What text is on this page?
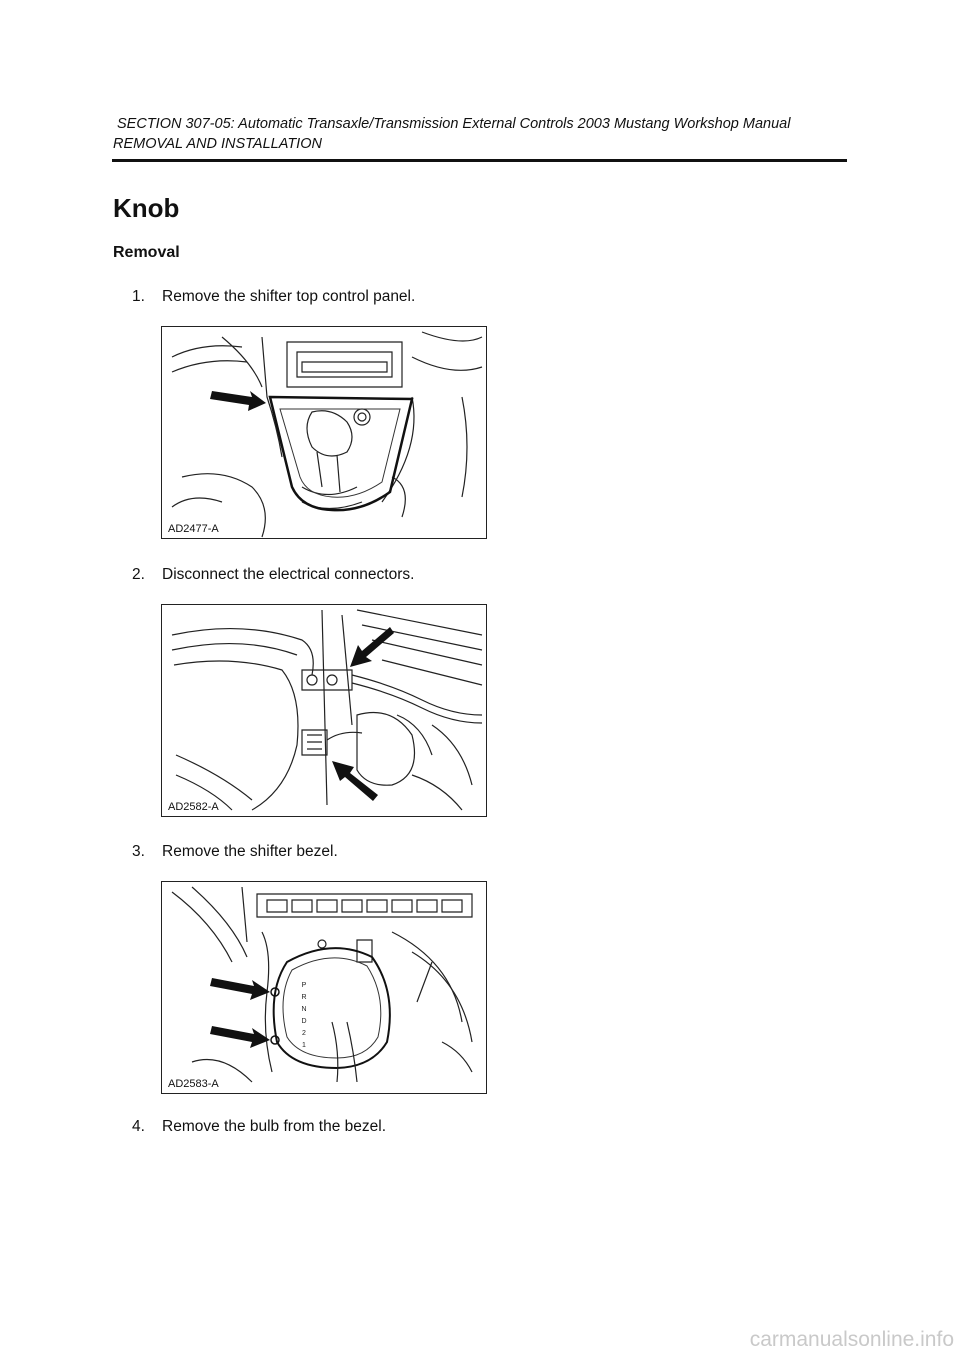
SECTION 307-05: Automatic Transaxle/Transmission External Controls 2003 Mustang Workshop Manual
REMOVAL AND INSTALLATION
Knob
Removal
1. Remove the shifter top control panel.
AD2477-A
2. Disconnect the electrical connectors.
AD2582-A
3. Remove the shifter bezel.
P
R
N
D
2
1
AD2583-A
4. Remove the bulb from the bezel.
carmanualsonline.info
